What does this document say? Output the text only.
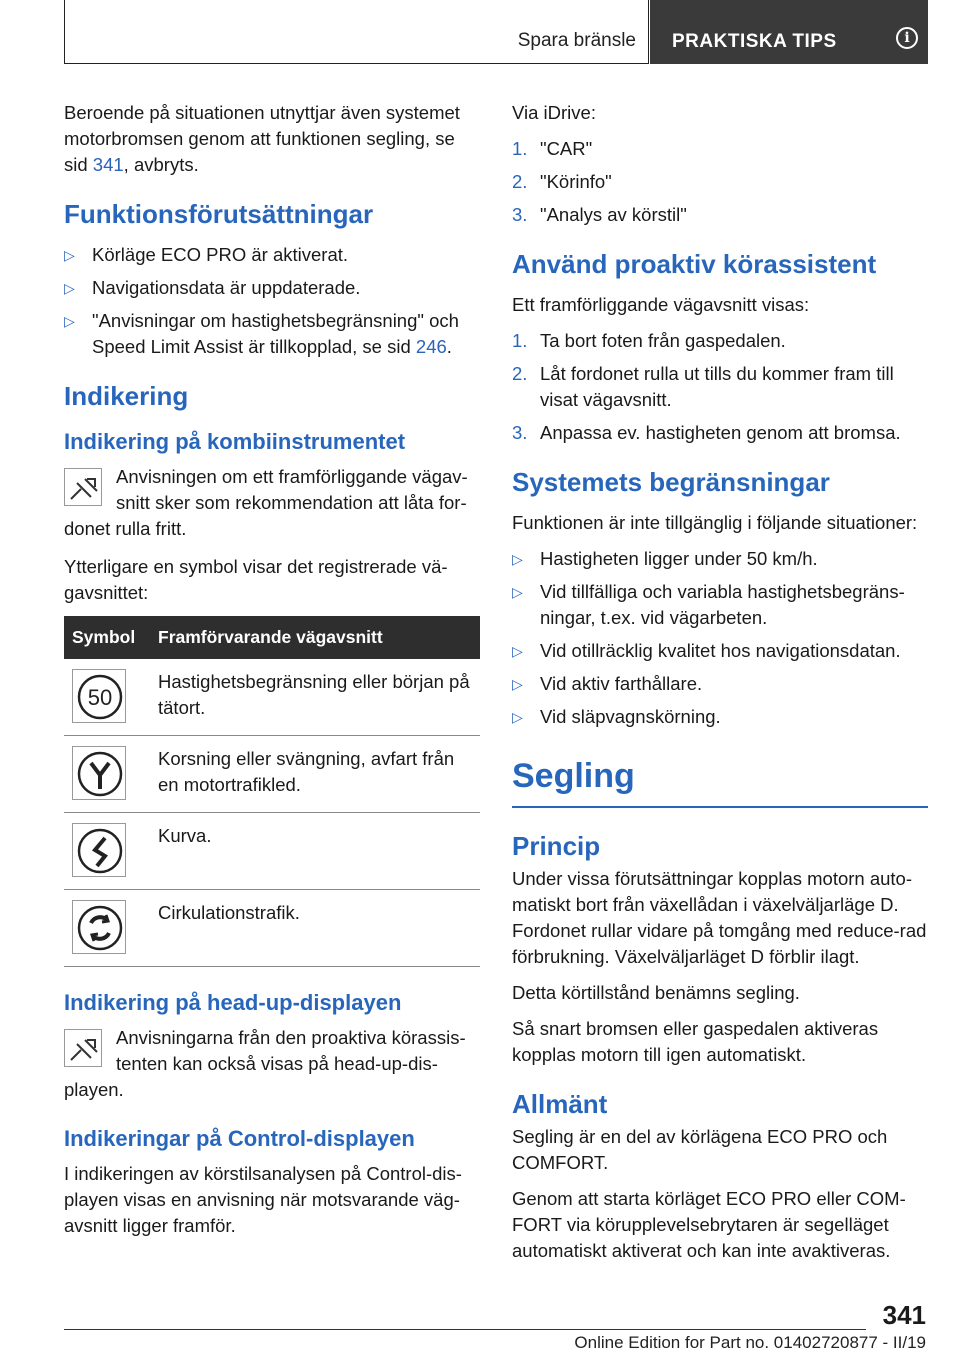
Spara bränsle PRAKTISKA TIPS	i

Beroende på situationen utnyttjar även systemet motorbromsen genom att funktionen segling, se sid 341, avbryts.

Funktionsförutsättningar
▷ Körläge ECO PRO är aktiverat.
▷ Navigationsdata är uppdaterade.
▷ "Anvisningar om hastighetsbegränsning" och Speed Limit Assist är tillkopplad, se sid 246.
Indikering
Indikering på kombiinstrumentet

Anvisningen om ett framförliggande vägav-snitt sker som rekommendation att låta for-

donet rulla fritt.

Ytterligare en symbol visar det registrerade vä-gavsnittet:

Symbol	Framförvarande vägavsnitt

50	Hastighetsbegränsning eller början på tätort.

	Korsning eller svängning, avfart från en motortrafikled.

	Kurva.

	Cirkulationstrafik.
Indikering på head-up-displayen

Anvisningarna från den proaktiva körassis-tenten kan också visas på head-up-dis-

playen.
Indikeringar på Control-displayen

I indikeringen av körstilsanalysen på Control-dis-playen visas en anvisning när motsvarande väg-avsnitt ligger framför.

Via iDrive:

1. "CAR"
2. "Körinfo"
3. "Analys av körstil"
Använd proaktiv körassistent

Ett framförliggande vägavsnitt visas:

1. Ta bort foten från gaspedalen.
2. Låt fordonet rulla ut tills du kommer fram till visat vägavsnitt.
3. Anpassa ev. hastigheten genom att bromsa.
Systemets begränsningar

Funktionen är inte tillgänglig i följande situationer:

▷ Hastigheten ligger under 50 km/h.
▷ Vid tillfälliga och variabla hastighetsbegräns-ningar, t.ex. vid vägarbeten.
▷ Vid otillräcklig kvalitet hos navigationsdatan.
▷ Vid aktiv farthållare.
▷ Vid släpvagnskörning.
Segling
Princip

Under vissa förutsättningar kopplas motorn auto-matiskt bort från växellådan i växelväljarläge D. Fordonet rullar vidare på tomgång med reduce-rad förbrukning. Växelväljarläget D förblir ilagt.

Detta körtillstånd benämns segling.

Så snart bromsen eller gaspedalen aktiveras kopplas motorn till igen automatiskt.

Allmänt

Segling är en del av körlägena ECO PRO och COMFORT.

Genom att starta körläget ECO PRO eller COM-FORT via körupplevelsebrytaren är segelläget automatiskt aktiverat och kan inte avaktiveras.

341
Online Edition for Part no. 01402720877 - II/19
